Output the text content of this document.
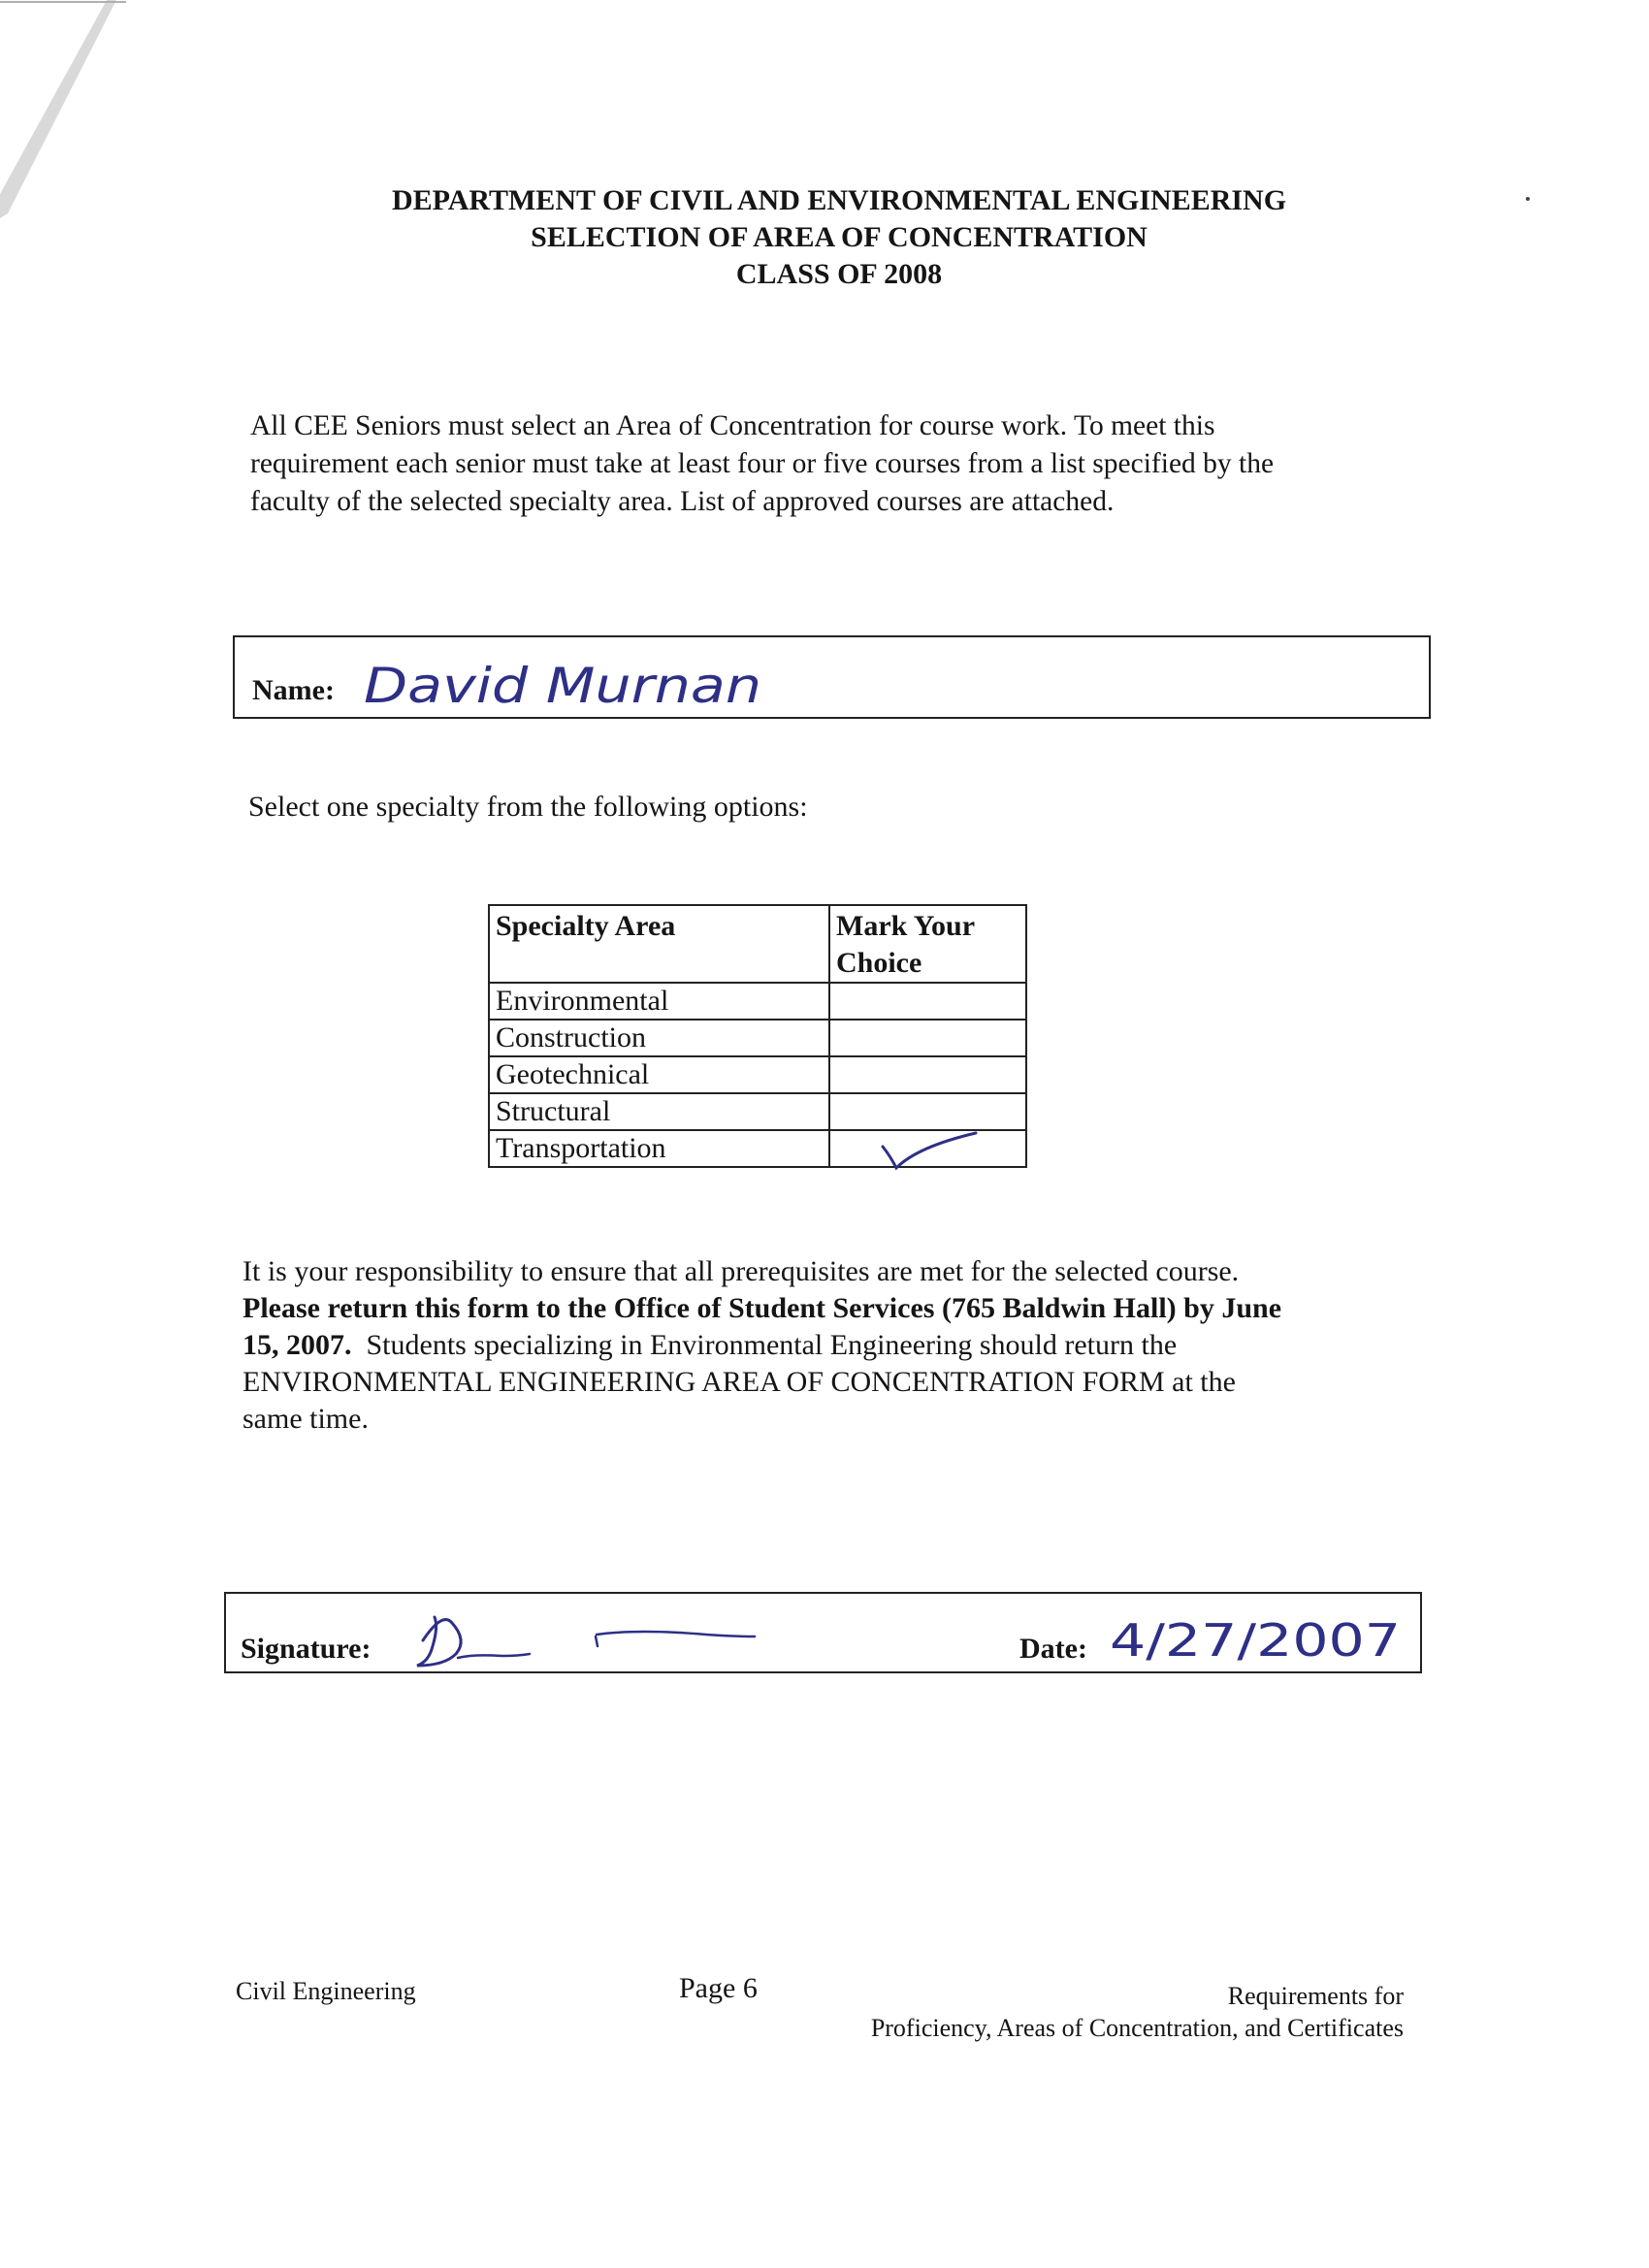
DEPARTMENT OF CIVIL AND ENVIRONMENTAL ENGINEERING
SELECTION OF AREA OF CONCENTRATION
CLASS OF 2008
All CEE Seniors must select an Area of Concentration for course work. To meet this
requirement each senior must take at least four or five courses from a list specified by the
faculty of the selected specialty area. List of approved courses are attached.
Name: David Murnan
Select one specialty from the following options:
Specialty Area	Mark Your Choice
Environmental	
Construction	
Geotechnical	
Structural	
Transportation	
It is your responsibility to ensure that all prerequisites are met for the selected course.
Please return this form to the Office of Student Services (765 Baldwin Hall) by June
15, 2007.  Students specializing in Environmental Engineering should return the
ENVIRONMENTAL ENGINEERING AREA OF CONCENTRATION FORM at the
same time.
Signature:	Date: 4/27/2007
Civil Engineering	Page 6	Requirements for
Proficiency, Areas of Concentration, and Certificates
